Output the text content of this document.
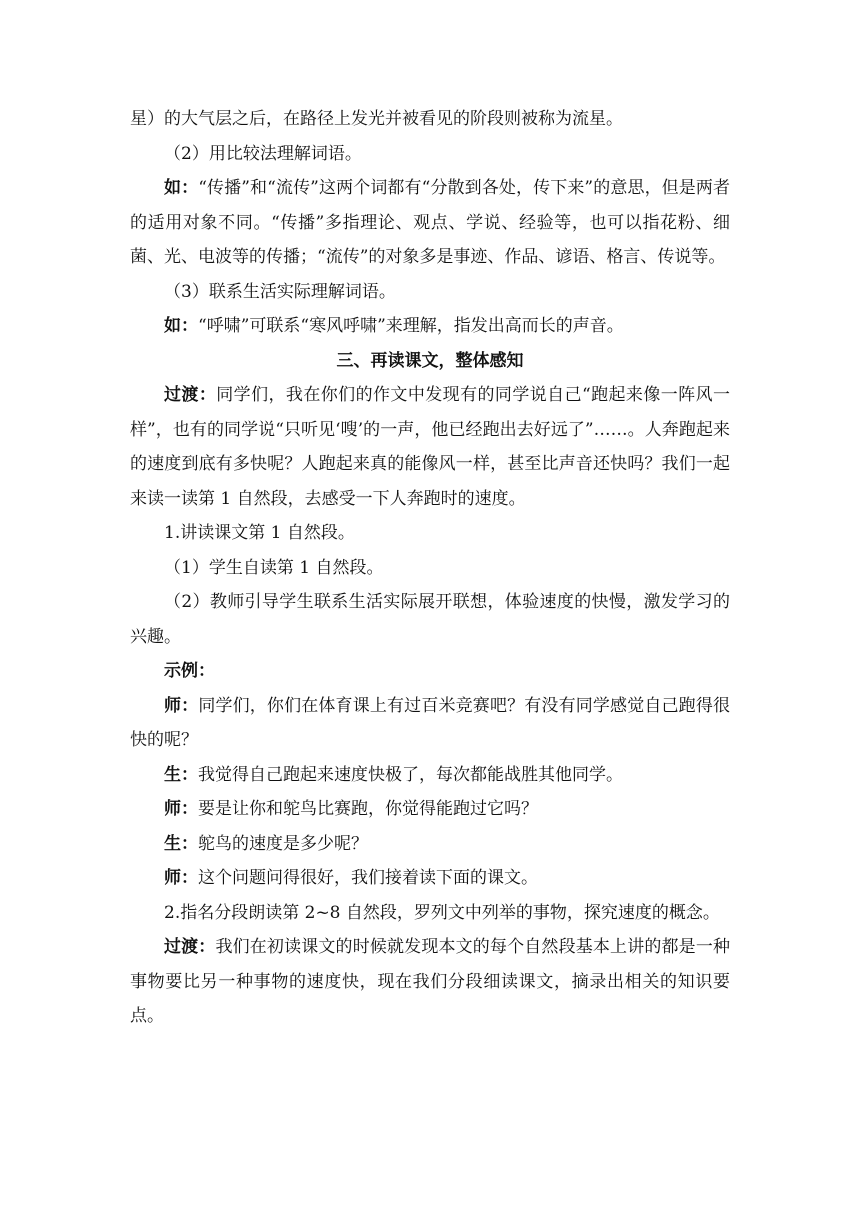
星）的大气层之后，在路径上发光并被看见的阶段则被称为流星。

（2）用比较法理解词语。

如：“传播”和“流传”这两个词都有“分散到各处，传下来”的意思，但是两者的适用对象不同。“传播”多指理论、观点、学说、经验等，也可以指花粉、细菌、光、电波等的传播；“流传”的对象多是事迹、作品、谚语、格言、传说等。

（3）联系生活实际理解词语。

如：“呼啸”可联系“寒风呼啸”来理解，指发出高而长的声音。

三、再读课文，整体感知

过渡：同学们，我在你们的作文中发现有的同学说自己“跑起来像一阵风一样”，也有的同学说“只听见‘嗖’的一声，他已经跑出去好远了”……。人奔跑起来的速度到底有多快呢？人跑起来真的能像风一样，甚至比声音还快吗？我们一起来读一读第 1 自然段，去感受一下人奔跑时的速度。

1.讲读课文第 1 自然段。

（1）学生自读第 1 自然段。

（2）教师引导学生联系生活实际展开联想，体验速度的快慢，激发学习的兴趣。

示例：

师：同学们，你们在体育课上有过百米竞赛吧？有没有同学感觉自己跑得很快的呢？

生：我觉得自己跑起来速度快极了，每次都能战胜其他同学。

师：要是让你和鸵鸟比赛跑，你觉得能跑过它吗？

生：鸵鸟的速度是多少呢？

师：这个问题问得很好，我们接着读下面的课文。

2.指名分段朗读第 2~8 自然段，罗列文中列举的事物，探究速度的概念。

过渡：我们在初读课文的时候就发现本文的每个自然段基本上讲的都是一种事物要比另一种事物的速度快，现在我们分段细读课文，摘录出相关的知识要点。
